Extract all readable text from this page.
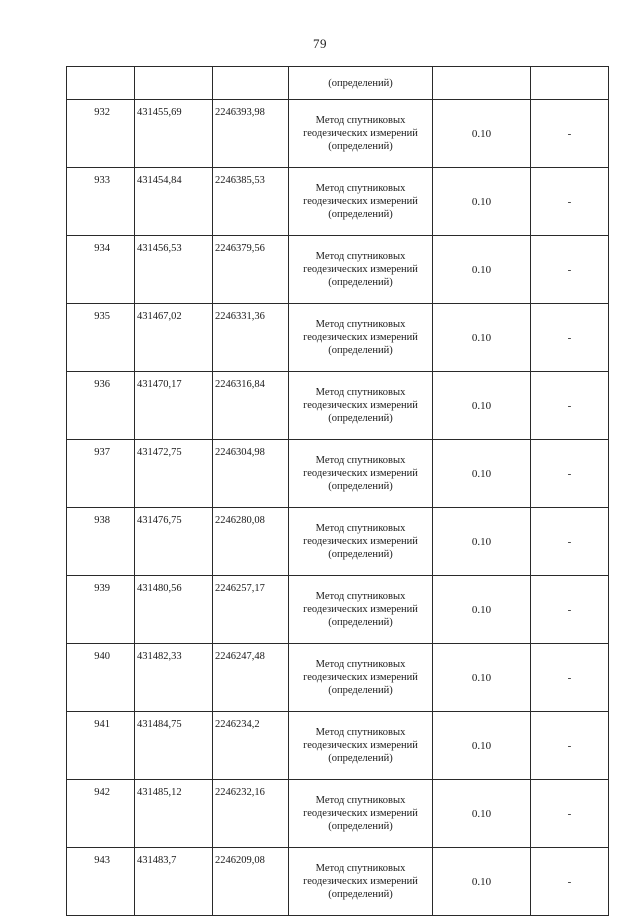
79
			(определений)		
932	431455,69	2246393,98	Метод спутниковых
геодезических измерений
(определений)	0.10	-
933	431454,84	2246385,53	Метод спутниковых
геодезических измерений
(определений)	0.10	-
934	431456,53	2246379,56	Метод спутниковых
геодезических измерений
(определений)	0.10	-
935	431467,02	2246331,36	Метод спутниковых
геодезических измерений
(определений)	0.10	-
936	431470,17	2246316,84	Метод спутниковых
геодезических измерений
(определений)	0.10	-
937	431472,75	2246304,98	Метод спутниковых
геодезических измерений
(определений)	0.10	-
938	431476,75	2246280,08	Метод спутниковых
геодезических измерений
(определений)	0.10	-
939	431480,56	2246257,17	Метод спутниковых
геодезических измерений
(определений)	0.10	-
940	431482,33	2246247,48	Метод спутниковых
геодезических измерений
(определений)	0.10	-
941	431484,75	2246234,2	Метод спутниковых
геодезических измерений
(определений)	0.10	-
942	431485,12	2246232,16	Метод спутниковых
геодезических измерений
(определений)	0.10	-
943	431483,7	2246209,08	Метод спутниковых
геодезических измерений
(определений)	0.10	-
